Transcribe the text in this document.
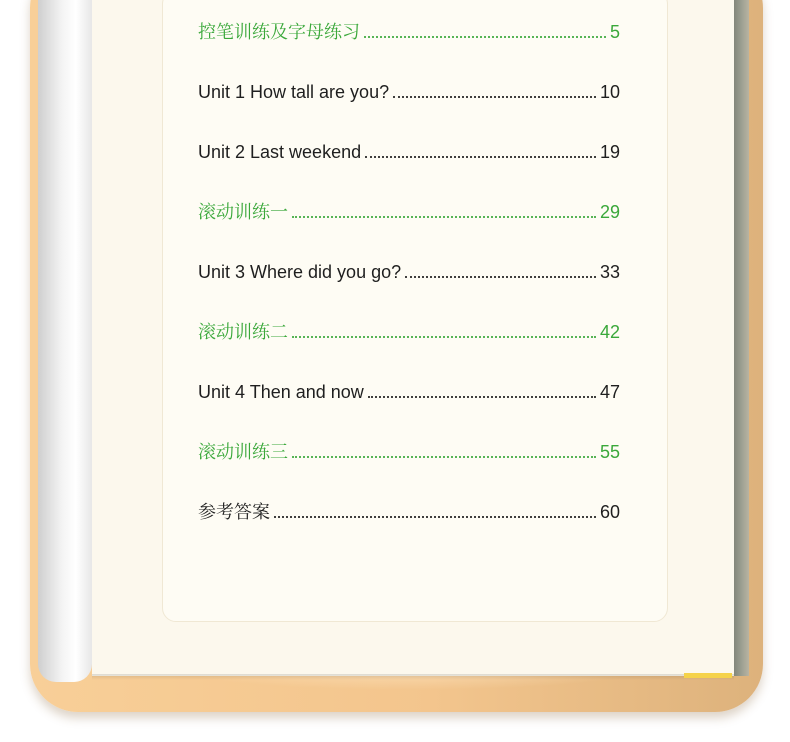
控笔训练及字母练习	5
Unit 1 How tall are you?	10
Unit 2 Last weekend	19
滚动训练一	29
Unit 3 Where did you go?	33
滚动训练二	42
Unit 4 Then and now	47
滚动训练三	55
参考答案	60
